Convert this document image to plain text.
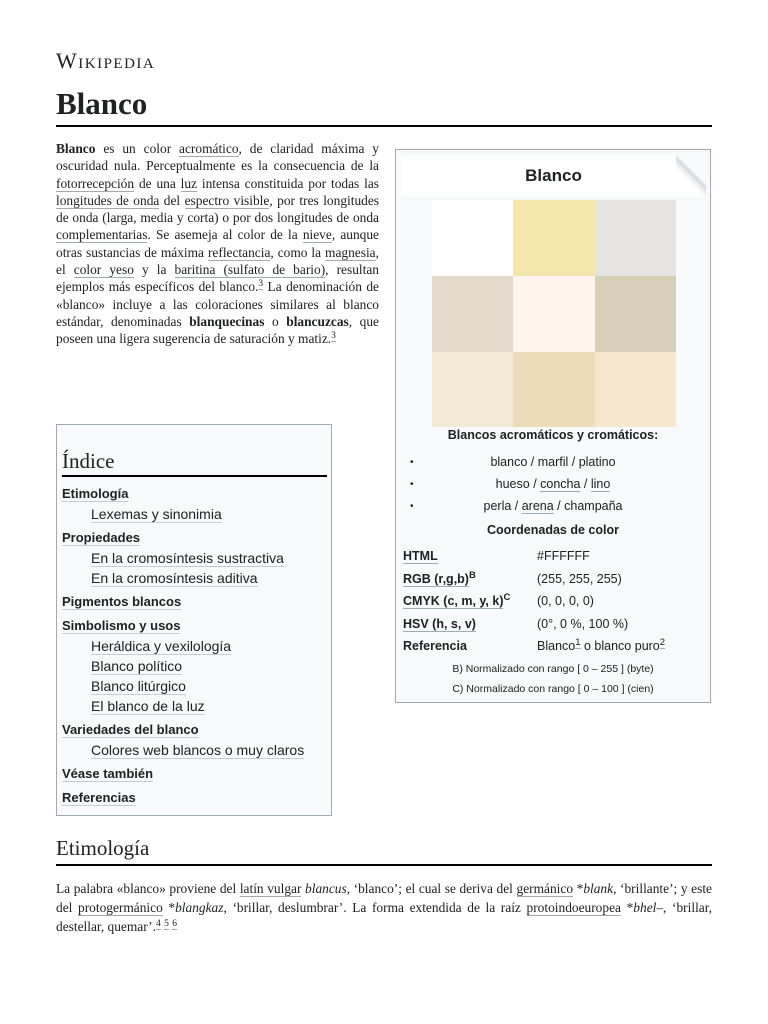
Wikipedia
Blanco

Blanco es un color acromático, de claridad máxima y oscuridad nula. Perceptualmente es la consecuencia de la fotorrecepción de una luz intensa constituida por todas las longitudes de onda del espectro visible, por tres longitudes de onda (larga, media y corta) o por dos longitudes de onda complementarias. Se asemeja al color de la nieve, aunque otras sustancias de máxima reflectancia, como la magnesia, el color yeso y la baritina (sulfato de bario), resultan ejemplos más específicos del blanco.$^3$ La denominación de «blanco» incluye a las coloraciones similares al blanco estándar, denominadas blanquecinas o blancuzcas, que poseen una ligera sugerencia de saturación y matiz.$^3$

Blanco
Blancos acromáticos y cromáticos:
• blanco / marfil / platino
• hueso / concha / lino
• perla / arena / champaña
Coordenadas de color
HTML	#FFFFFF
RGB $(r,g,b)^B$	(255, 255, 255)
CMYK (c, m, y, k)$^C$	(0, 0, 0, 0)
HSV (h, s, v)	(0°, 0 %, 100 %)
Referencia	Blanco$^1$ o blanco puro$^2$
B) Normalizado con rango [ 0 – 255 ] (byte)
C) Normalizado con rango [ 0 – 100 ] (cien)
Índice
Etimología
Lexemas y sinonimia
Propiedades
En la cromosíntesis sustractiva
En la cromosíntesis aditiva
Pigmentos blancos
Simbolismo y usos
Heráldica y vexilología
Blanco político
Blanco litúrgico
El blanco de la luz
Variedades del blanco
Colores web blancos o muy claros
Véase también
Referencias
Etimología

La palabra «blanco» proviene del latín vulgar blancus, ‘blanco’; el cual se deriva del germánico *blank, ‘brillante’; y este del protogermánico *blangkaz, ‘brillar, deslumbrar’. La forma extendida de la raíz protoindoeuropea *bhel–, ‘brillar, destellar, quemar’.$^4$ $^5$ $^6$
